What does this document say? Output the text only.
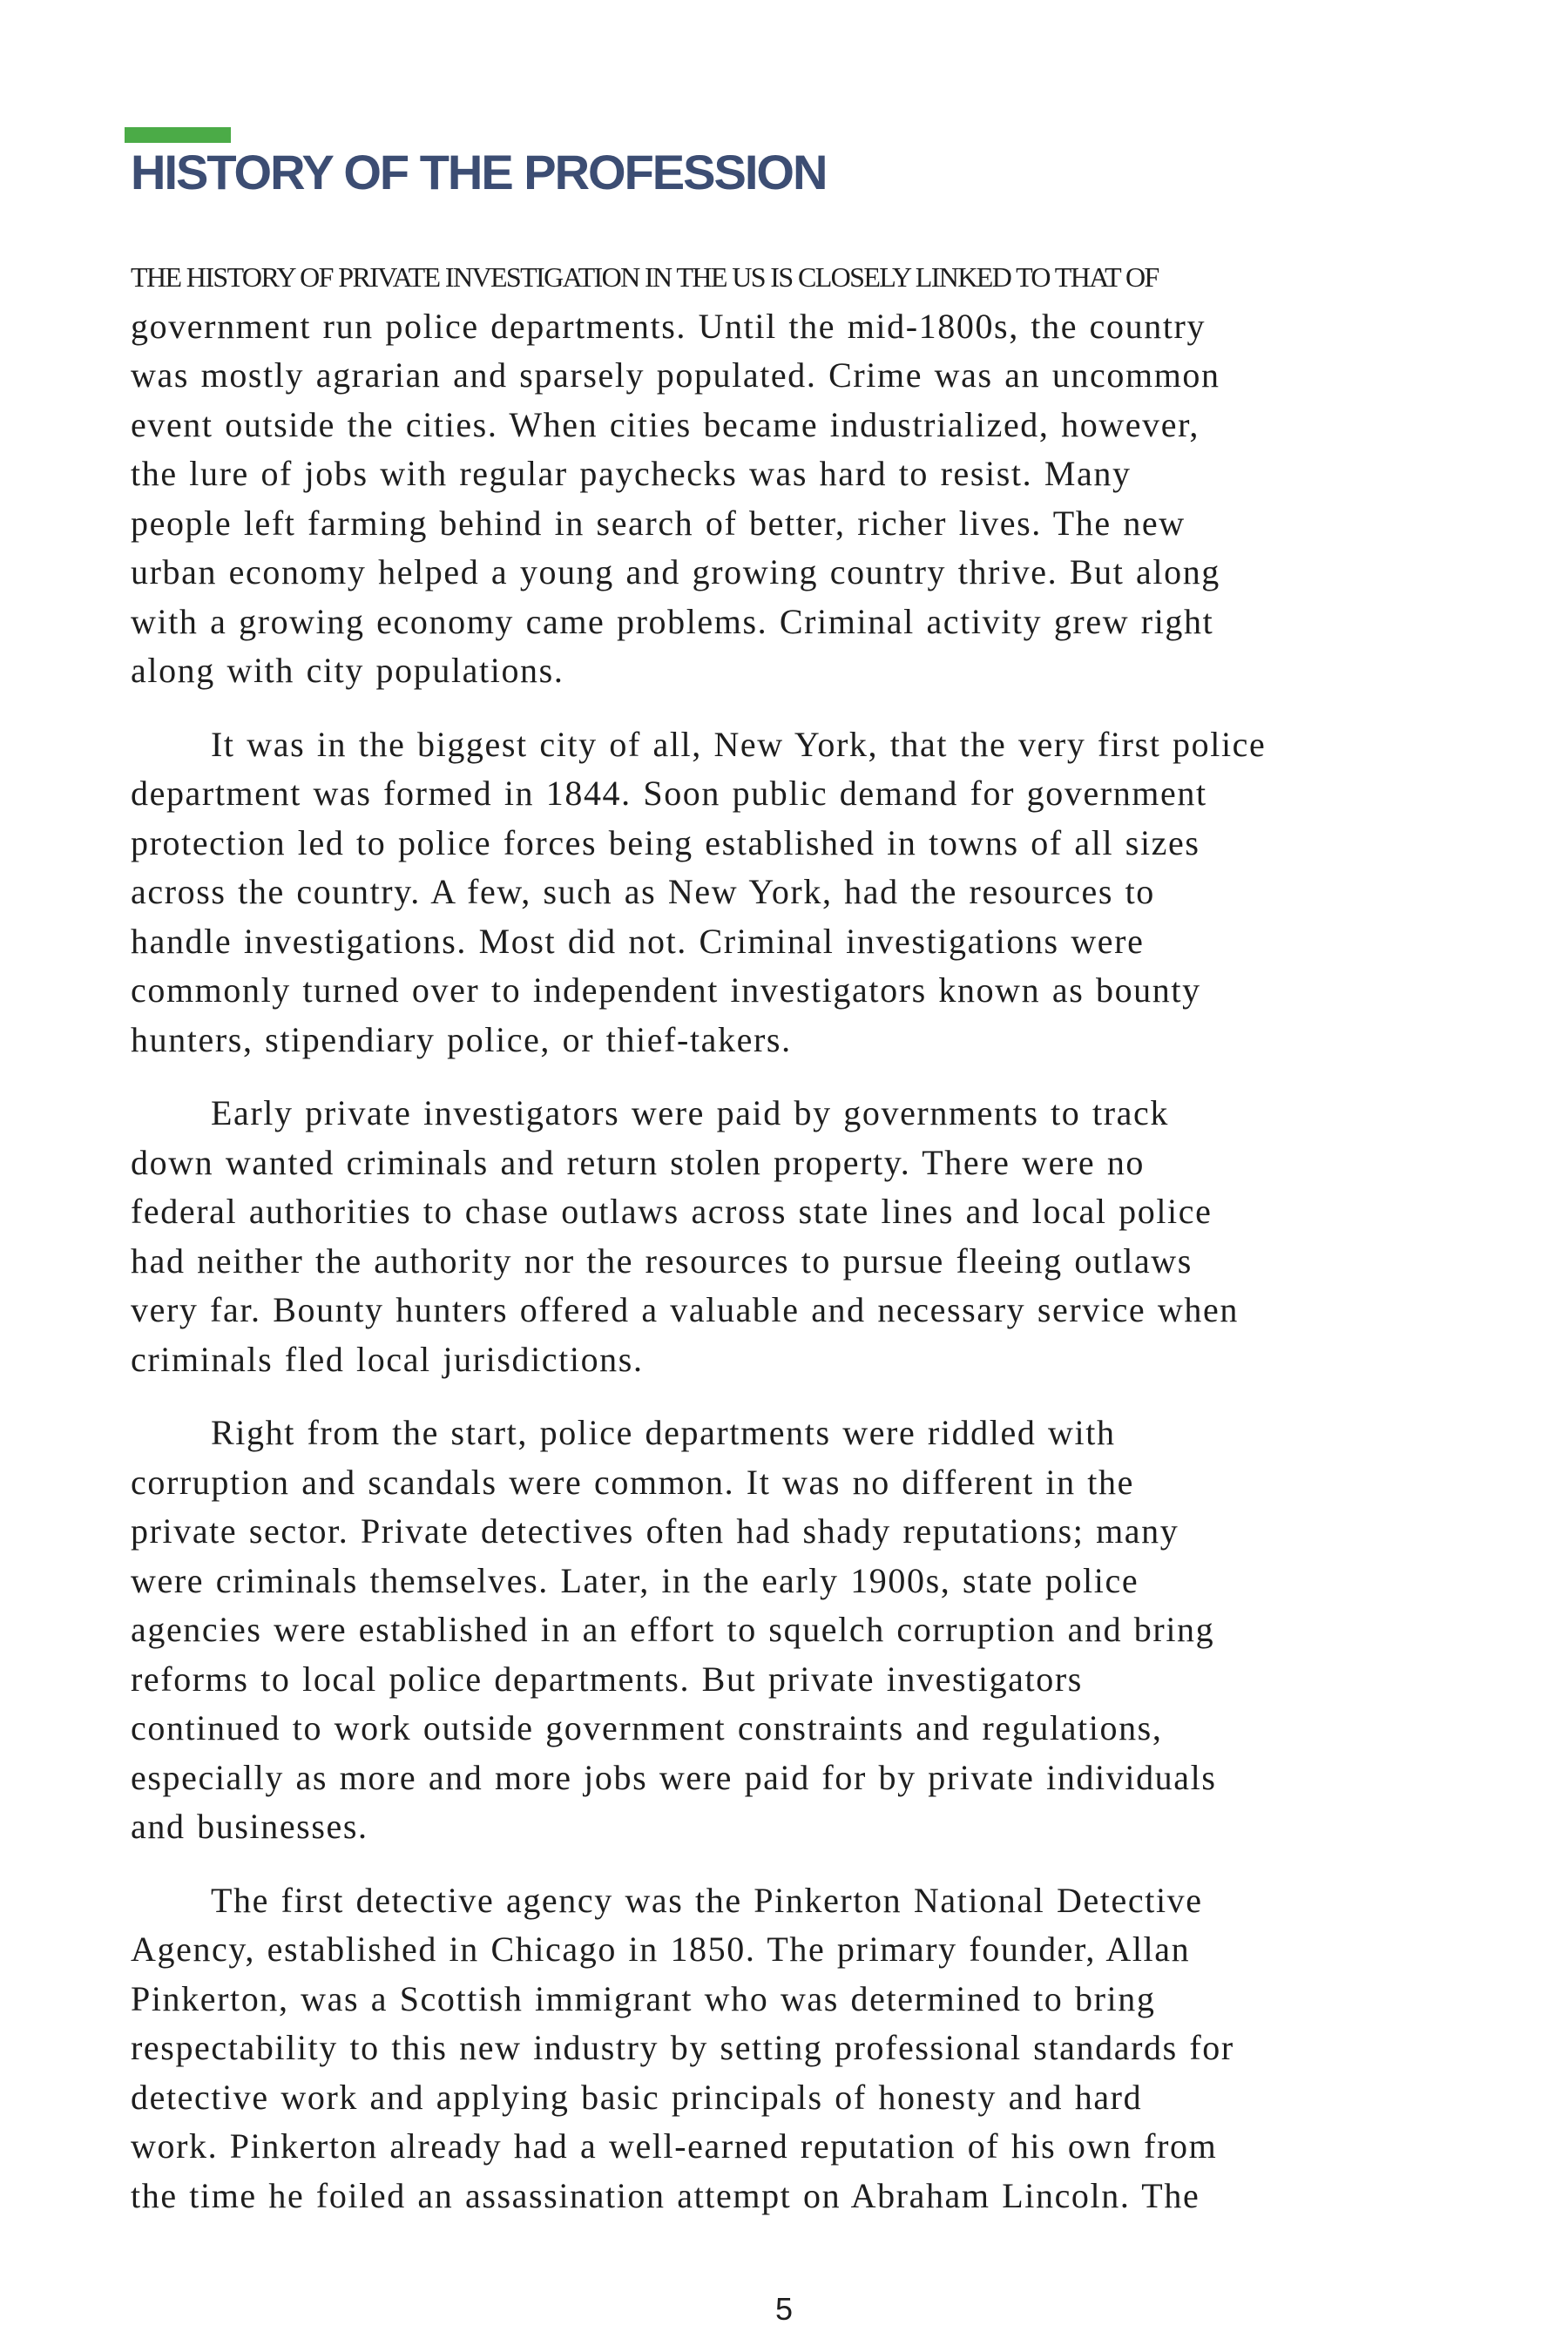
HISTORY OF THE PROFESSION
THE HISTORY OF PRIVATE INVESTIGATION IN THE US IS CLOSELY LINKED TO THAT OF
government run police departments. Until the mid-1800s, the country
was mostly agrarian and sparsely populated. Crime was an uncommon
event outside the cities. When cities became industrialized, however,
the lure of jobs with regular paychecks was hard to resist. Many
people left farming behind in search of better, richer lives. The new
urban economy helped a young and growing country thrive. But along
with a growing economy came problems. Criminal activity grew right
along with city populations.
It was in the biggest city of all, New York, that the very first police
department was formed in 1844. Soon public demand for government
protection led to police forces being established in towns of all sizes
across the country. A few, such as New York, had the resources to
handle investigations. Most did not. Criminal investigations were
commonly turned over to independent investigators known as bounty
hunters, stipendiary police, or thief-takers.
Early private investigators were paid by governments to track
down wanted criminals and return stolen property. There were no
federal authorities to chase outlaws across state lines and local police
had neither the authority nor the resources to pursue fleeing outlaws
very far. Bounty hunters offered a valuable and necessary service when
criminals fled local jurisdictions.
Right from the start, police departments were riddled with
corruption and scandals were common. It was no different in the
private sector. Private detectives often had shady reputations; many
were criminals themselves. Later, in the early 1900s, state police
agencies were established in an effort to squelch corruption and bring
reforms to local police departments. But private investigators
continued to work outside government constraints and regulations,
especially as more and more jobs were paid for by private individuals
and businesses.
The first detective agency was the Pinkerton National Detective
Agency, established in Chicago in 1850. The primary founder, Allan
Pinkerton, was a Scottish immigrant who was determined to bring
respectability to this new industry by setting professional standards for
detective work and applying basic principals of honesty and hard
work. Pinkerton already had a well-earned reputation of his own from
the time he foiled an assassination attempt on Abraham Lincoln. The
5
